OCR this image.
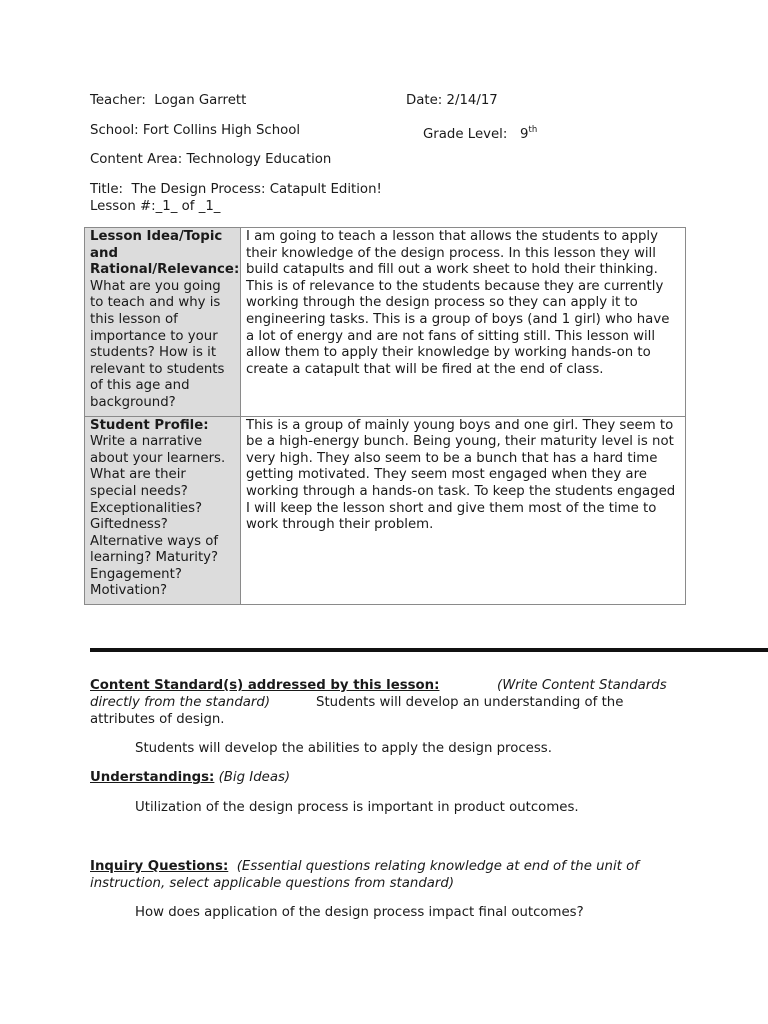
Teacher: Logan Garrett	Date: 2/14/17
School: Fort Collins High School	Grade Level: 9th
Content Area: Technology Education
Title: The Design Process: Catapult Edition!
Lesson #:_1_ of _1_
Lesson Idea/Topic and Rational/Relevance: What are you going to teach and why is this lesson of importance to your students? How is it relevant to students of this age and background?	I am going to teach a lesson that allows the students to apply their knowledge of the design process. In this lesson they will build catapults and fill out a work sheet to hold their thinking. This is of relevance to the students because they are currently working through the design process so they can apply it to engineering tasks. This is a group of boys (and 1 girl) who have a lot of energy and are not fans of sitting still. This lesson will allow them to apply their knowledge by working hands-on to create a catapult that will be fired at the end of class.
Student Profile: Write a narrative about your learners. What are their special needs? Exceptionalities? Giftedness? Alternative ways of learning? Maturity? Engagement? Motivation?	This is a group of mainly young boys and one girl. They seem to be a high-energy bunch. Being young, their maturity level is not very high. They also seem to be a bunch that has a hard time getting motivated. They seem most engaged when they are working through a hands-on task. To keep the students engaged I will keep the lesson short and give them most of the time to work through their problem.
Content Standard(s) addressed by this lesson:	(Write Content Standards
directly from the standard)	Students will develop an understanding of the
attributes of design.
Students will develop the abilities to apply the design process.
Understandings: (Big Ideas)
Utilization of the design process is important in product outcomes.
Inquiry Questions: (Essential questions relating knowledge at end of the unit of
instruction, select applicable questions from standard)
How does application of the design process impact final outcomes?
